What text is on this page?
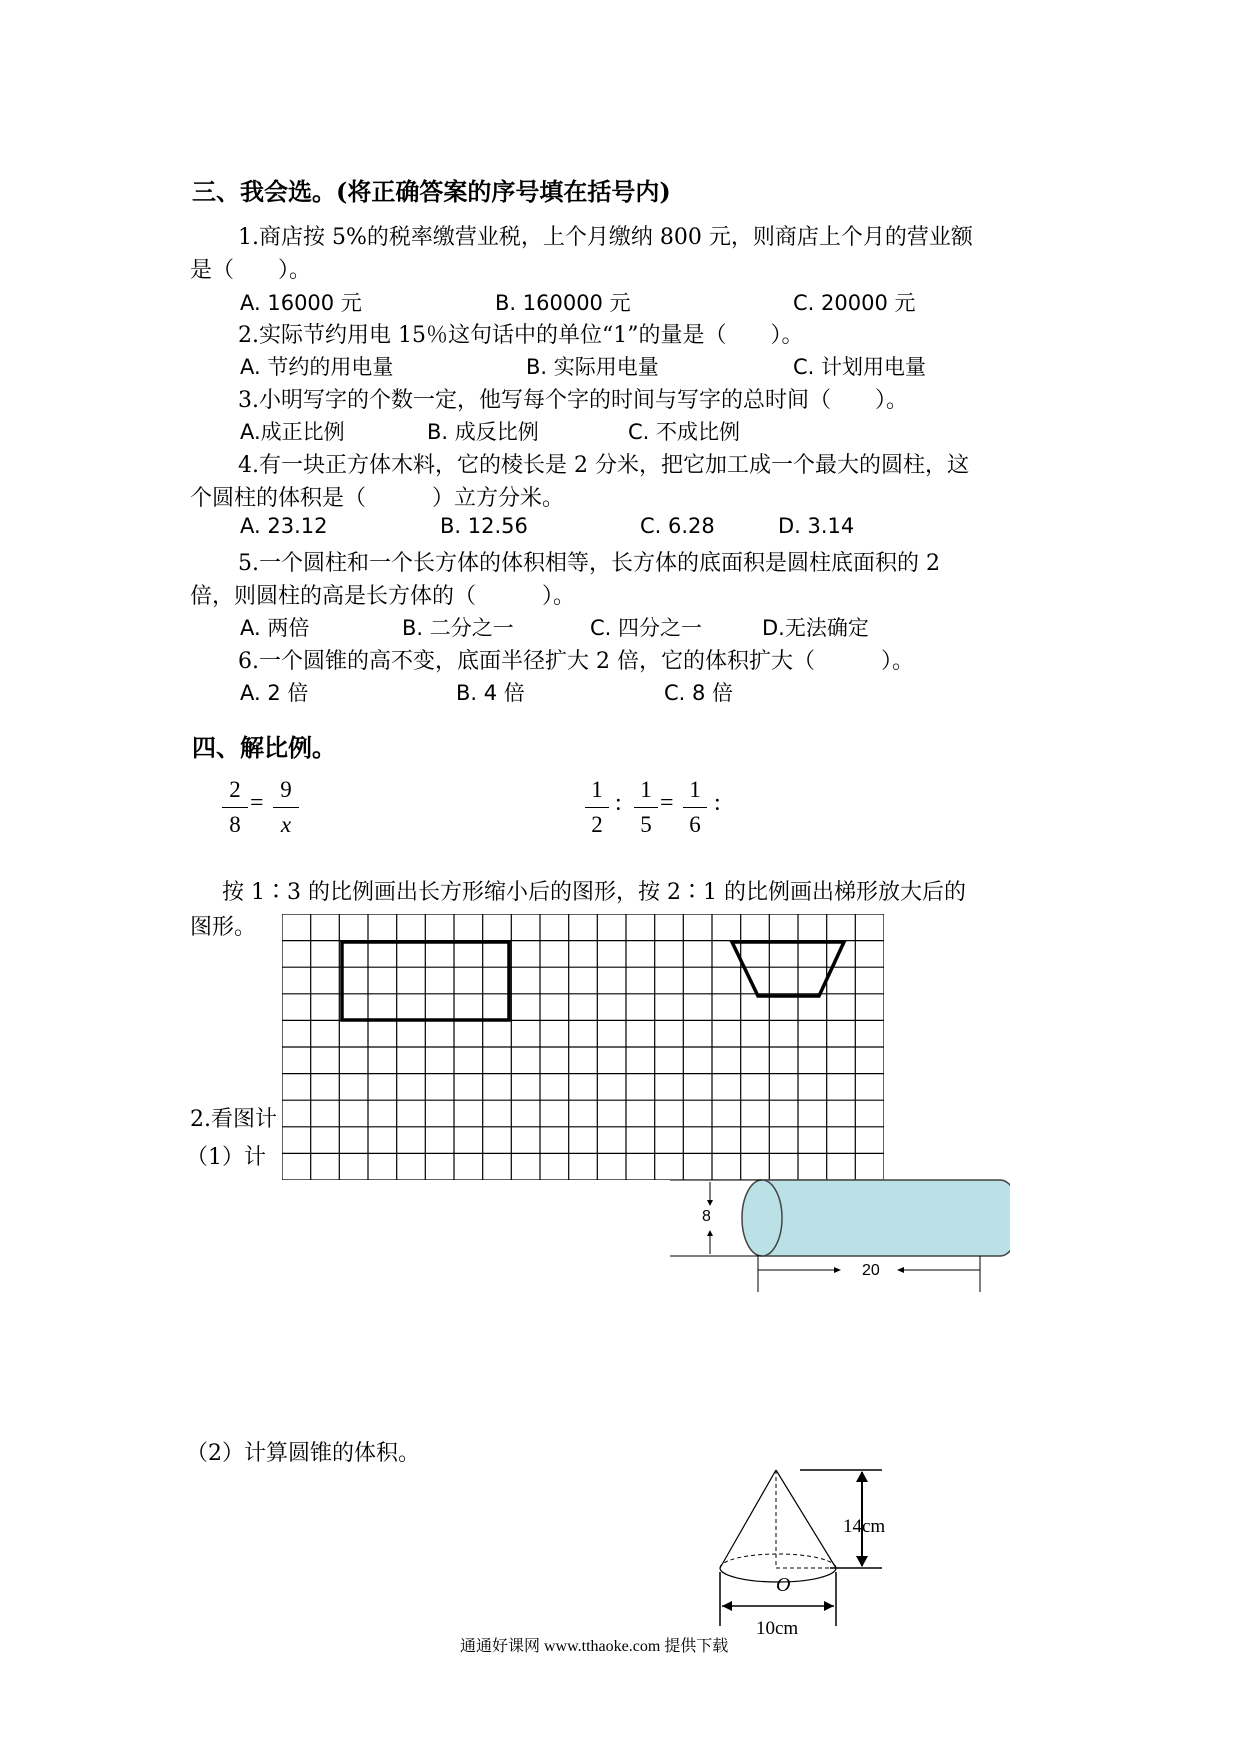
三、我会选。(将正确答案的序号填在括号内)
1.商店按 5%的税率缴营业税，上个月缴纳 800 元，则商店上个月的营业额
是（　　）。
A. 16000 元	B. 160000 元	C. 20000 元
2.实际节约用电 15％这句话中的单位“1”的量是（　　）。
A. 节约的用电量	B. 实际用电量	C. 计划用电量
3.小明写字的个数一定，他写每个字的时间与写字的总时间（　　）。
A.成正比例	B. 成反比例	C. 不成比例
4.有一块正方体木料，它的棱长是 2 分米，把它加工成一个最大的圆柱，这
个圆柱的体积是（　　　）立方分米。
A. 23.12	B. 12.56	C. 6.28	D. 3.14
5.一个圆柱和一个长方体的体积相等，长方体的底面积是圆柱底面积的 2
倍，则圆柱的高是长方体的（　　　）。
A. 两倍	B. 二分之一	C. 四分之一	D.无法确定
6.一个圆锥的高不变，底面半径扩大 2 倍，它的体积扩大（　　　）。
A. 2 倍	B. 4 倍	C. 8 倍
四、解比例。
2
8
=
9
x
1
2
:
1
5
=
1
6
:
按 1∶3 的比例画出长方形缩小后的图形，按 2∶1 的比例画出梯形放大后的
图形。
2.看图计
（1）计
8
20
（2）计算圆锥的体积。
14cm
O
10cm
通通好课网 www.tthaoke.com 提供下载
